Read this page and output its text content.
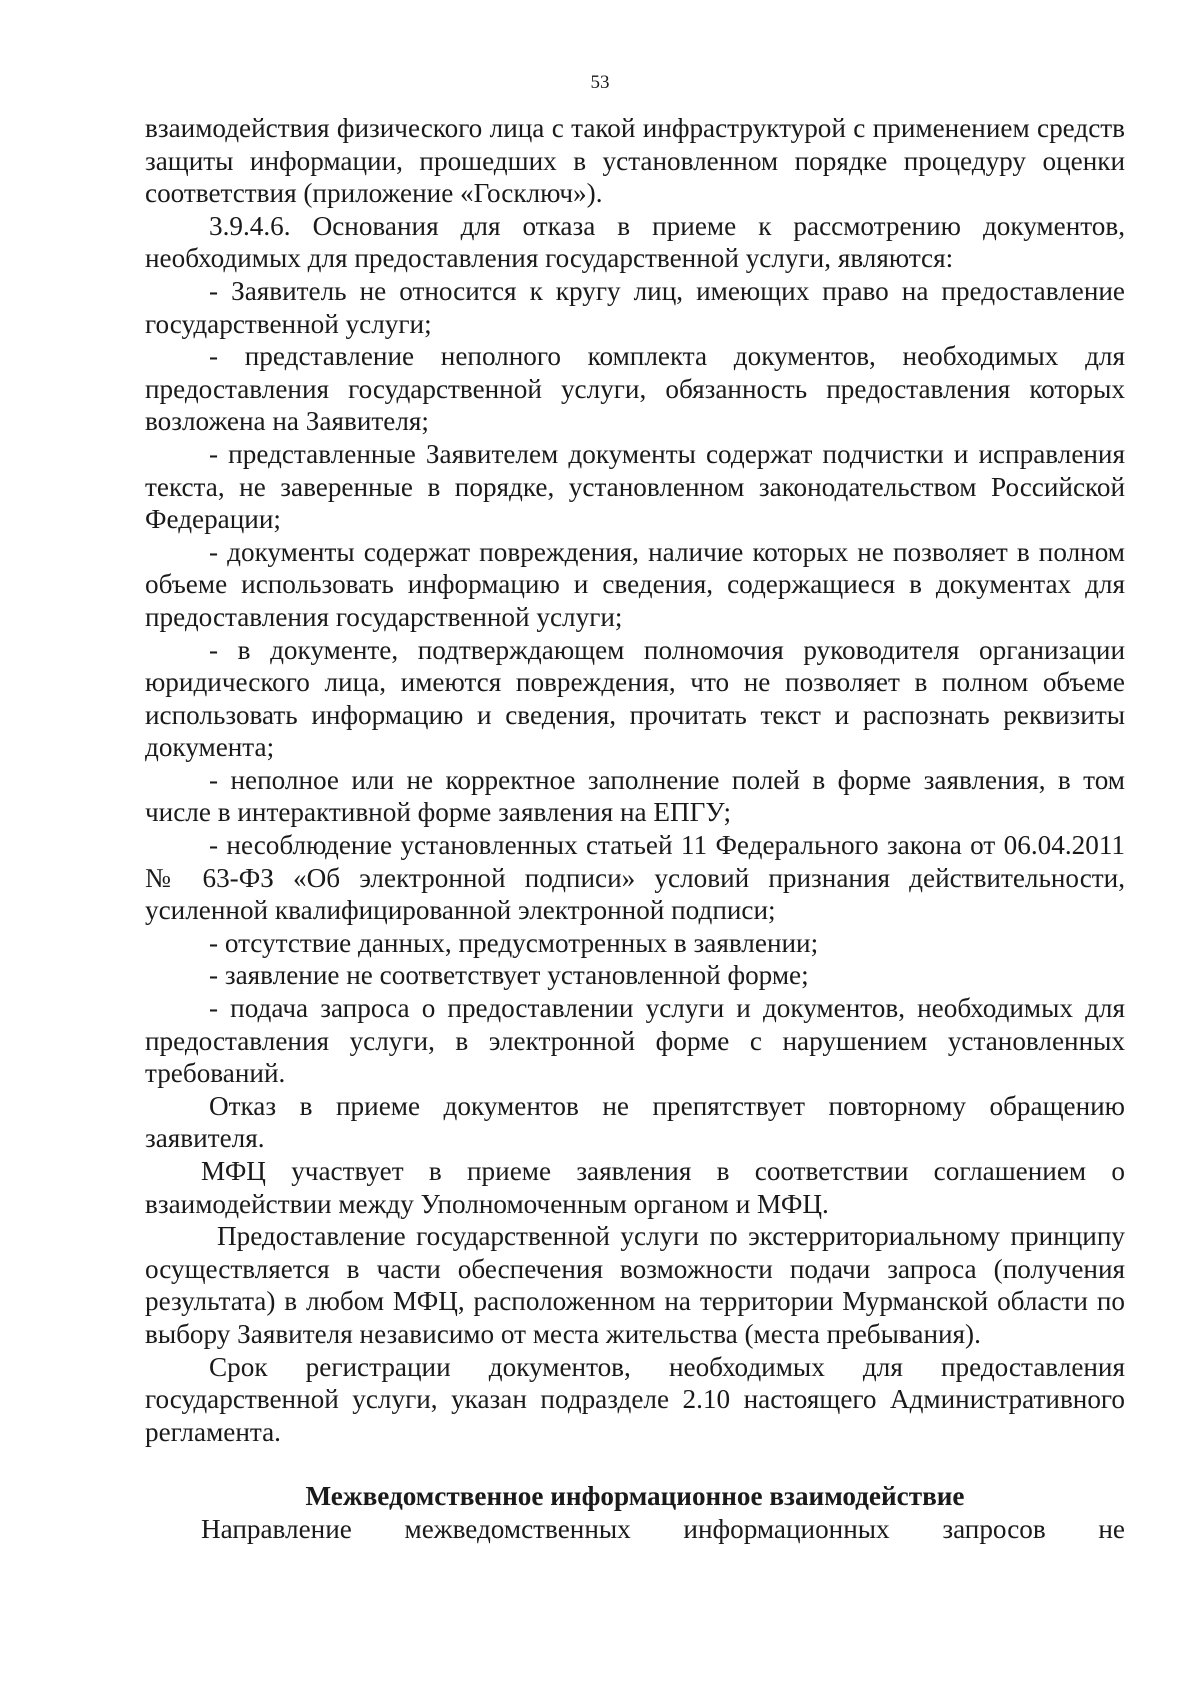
53

взаимодействия физического лица с такой инфраструктурой с применением средств защиты информации, прошедших в установленном порядке процедуру оценки соответствия (приложение «Госключ»).

3.9.4.6. Основания для отказа в приеме к рассмотрению документов, необходимых для предоставления государственной услуги, являются:

- Заявитель не относится к кругу лиц, имеющих право на предоставление государственной услуги;

- представление неполного комплекта документов, необходимых для предоставления государственной услуги, обязанность предоставления которых возложена на Заявителя;

- представленные Заявителем документы содержат подчистки и исправления текста, не заверенные в порядке, установленном законодательством Российской Федерации;

- документы содержат повреждения, наличие которых не позволяет в полном объеме использовать информацию и сведения, содержащиеся в документах для предоставления государственной услуги;

- в документе, подтверждающем полномочия руководителя организации юридического лица, имеются повреждения, что не позволяет в полном объеме использовать информацию и сведения, прочитать текст и распознать реквизиты документа;

- неполное или не корректное заполнение полей в форме заявления, в том числе в интерактивной форме заявления на ЕПГУ;

- несоблюдение установленных статьей 11 Федерального закона от 06.04.2011 № 63-ФЗ «Об электронной подписи» условий признания действительности, усиленной квалифицированной электронной подписи;

- отсутствие данных, предусмотренных в заявлении;

- заявление не соответствует установленной форме;

- подача запроса о предоставлении услуги и документов, необходимых для предоставления услуги, в электронной форме с нарушением установленных требований.

Отказ в приеме документов не препятствует повторному обращению заявителя.

МФЦ участвует в приеме заявления в соответствии соглашением о взаимодействии между Уполномоченным органом и МФЦ.

Предоставление государственной услуги по экстерриториальному принципу осуществляется в части обеспечения возможности подачи запроса (получения результата) в любом МФЦ, расположенном на территории Мурманской области по выбору Заявителя независимо от места жительства (места пребывания).

Срок регистрации документов, необходимых для предоставления государственной услуги, указан подразделе 2.10 настоящего Административного регламента.

Межведомственное информационное взаимодействие

Направление межведомственных информационных запросов не
